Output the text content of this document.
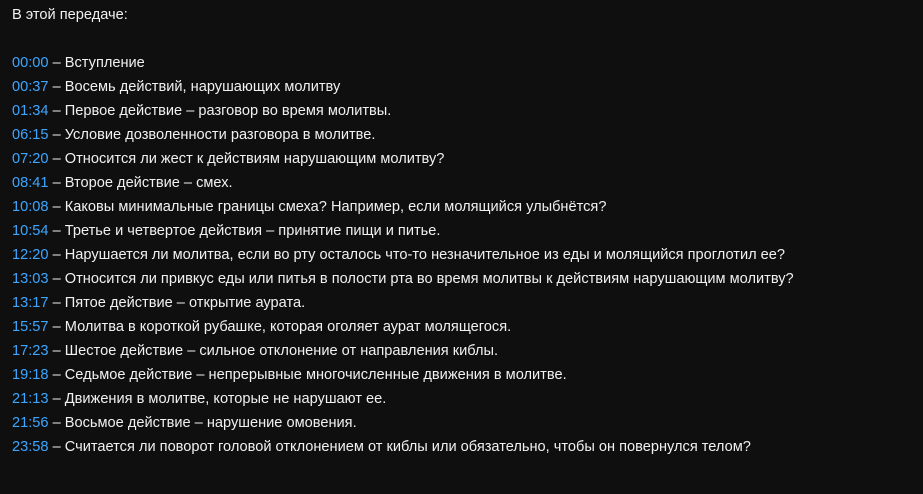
В этой передаче:

00:00 – Вступление
00:37 – Восемь действий, нарушающих молитву
01:34 – Первое действие – разговор во время молитвы.
06:15 – Условие дозволенности разговора в молитве.
07:20 – Относится ли жест к действиям нарушающим молитву?
08:41 – Второе действие – смех.
10:08 – Каковы минимальные границы смеха? Например, если молящийся улыбнётся?
10:54 – Третье и четвертое действия – принятие пищи и питье.
12:20 – Нарушается ли молитва, если во рту осталось что-то незначительное из еды и молящийся проглотил ее?
13:03 – Относится ли привкус еды или питья в полости рта во время молитвы к действиям нарушающим молитву?
13:17 – Пятое действие – открытие аурата.
15:57 – Молитва в короткой рубашке, которая оголяет аурат молящегося.
17:23 – Шестое действие – сильное отклонение от направления киблы.
19:18 – Седьмое действие – непрерывные многочисленные движения в молитве.
21:13 – Движения в молитве, которые не нарушают ее.
21:56 – Восьмое действие – нарушение омовения.
23:58 – Считается ли поворот головой отклонением от киблы или обязательно, чтобы он повернулся телом?
